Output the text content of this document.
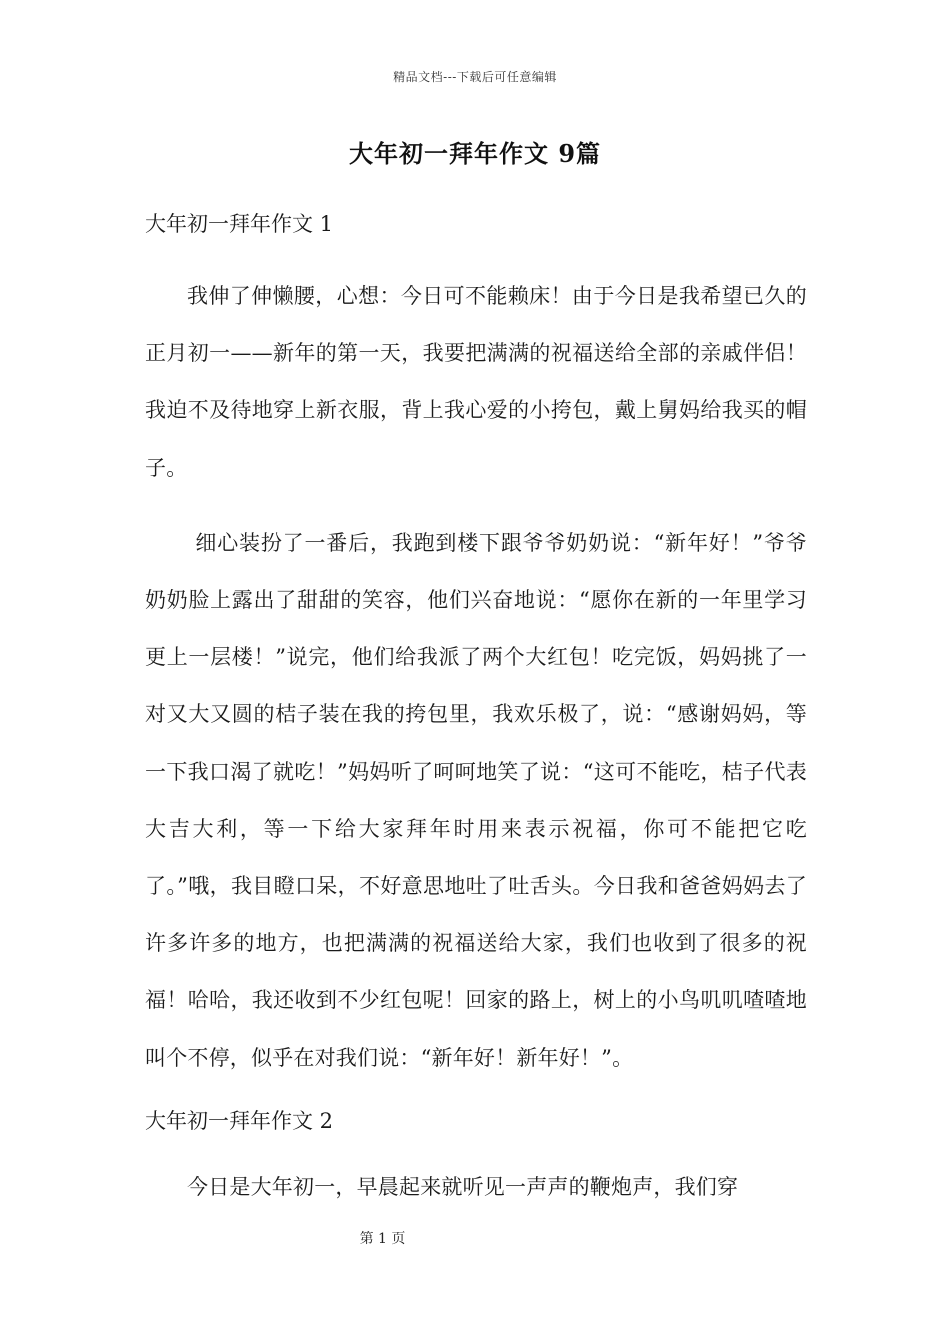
精品文档---下载后可任意编辑
大年初一拜年作文 9篇
大年初一拜年作文 1

我伸了伸懒腰，心想：今日可不能赖床！由于今日是我希望已久的正月初一——新年的第一天，我要把满满的祝福送给全部的亲戚伴侣！我迫不及待地穿上新衣服，背上我心爱的小挎包，戴上舅妈给我买的帽子。

细心装扮了一番后，我跑到楼下跟爷爷奶奶说：“新年好！”爷爷奶奶脸上露出了甜甜的笑容，他们兴奋地说：“愿你在新的一年里学习更上一层楼！”说完，他们给我派了两个大红包！吃完饭，妈妈挑了一对又大又圆的桔子装在我的挎包里，我欢乐极了，说：“感谢妈妈，等一下我口渴了就吃！”妈妈听了呵呵地笑了说：“这可不能吃，桔子代表大吉大利，等一下给大家拜年时用来表示祝福，你可不能把它吃了。”哦，我目瞪口呆，不好意思地吐了吐舌头。今日我和爸爸妈妈去了许多许多的地方，也把满满的祝福送给大家，我们也收到了很多的祝福！哈哈，我还收到不少红包呢！回家的路上，树上的小鸟叽叽喳喳地叫个不停，似乎在对我们说：“新年好！新年好！”。

大年初一拜年作文 2

今日是大年初一，早晨起来就听见一声声的鞭炮声，我们穿

第 1 页
